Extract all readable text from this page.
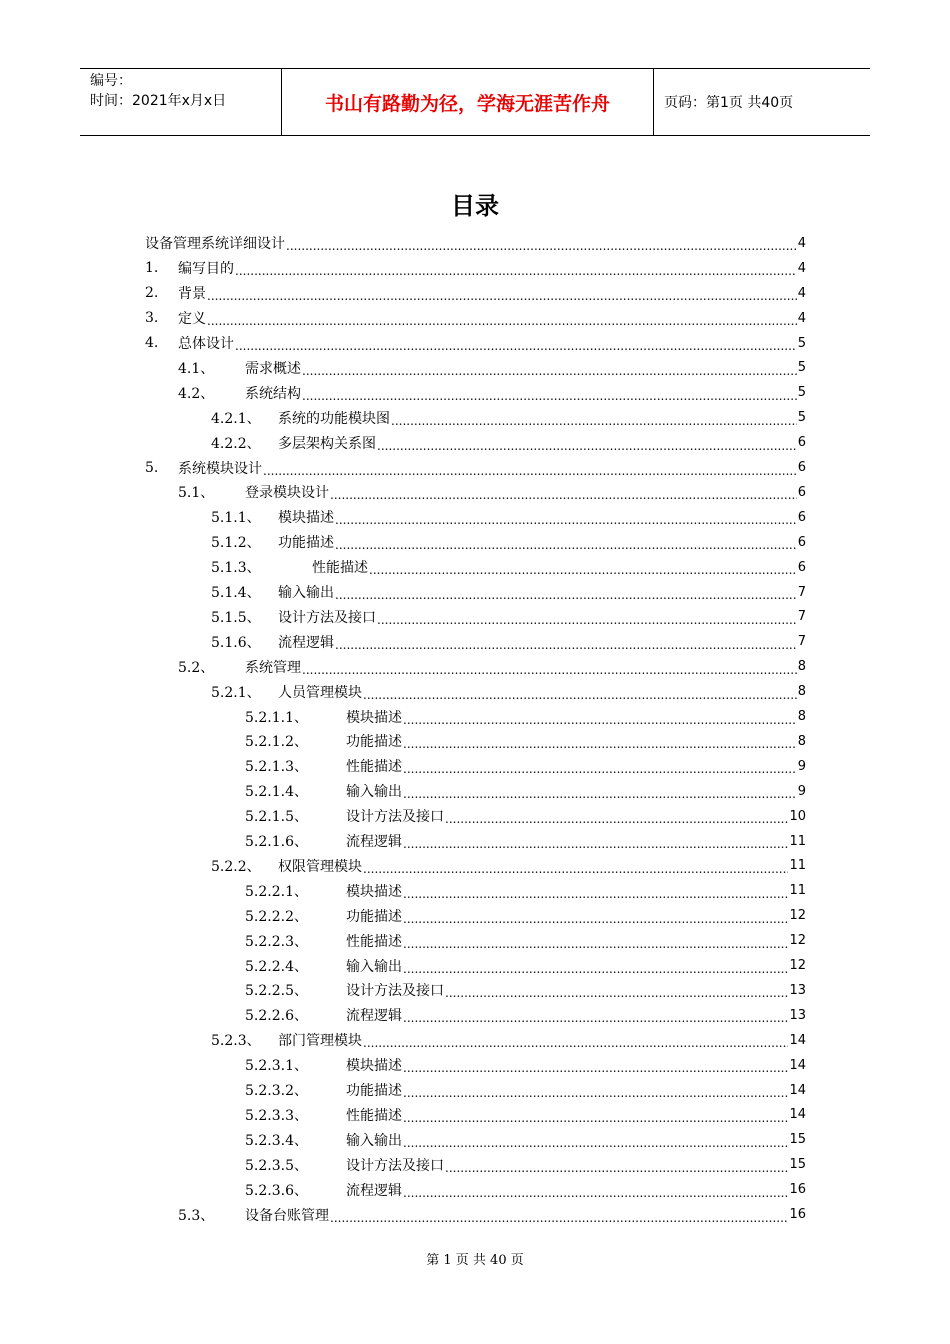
编号：
时间：2021年x月x日	书山有路勤为径，学海无涯苦作舟	页码：第1页 共40页
目录
设备管理系统详细设计 .....	4
1.	编写目的 .....	4
2.	背景 .....	4
3.	定义 .....	4
4.	总体设计 .....	5
4.1、	需求概述 .....	5
4.2、	系统结构 .....	5
4.2.1、	系统的功能模块图 .....	5
4.2.2、	多层架构关系图 .....	6
5.	系统模块设计 .....	6
5.1、	登录模块设计 .....	6
5.1.1、	模块描述 .....	6
5.1.2、	功能描述 .....	6
5.1.3、	性能描述 .....	6
5.1.4、	输入输出 .....	7
5.1.5、	设计方法及接口 .....	7
5.1.6、	流程逻辑 .....	7
5.2、	系统管理 .....	8
5.2.1、	人员管理模块 .....	8
5.2.1.1、	模块描述 .....	8
5.2.1.2、	功能描述 .....	8
5.2.1.3、	性能描述 .....	9
5.2.1.4、	输入输出 .....	9
5.2.1.5、	设计方法及接口 .....	10
5.2.1.6、	流程逻辑 .....	11
5.2.2、	权限管理模块 .....	11
5.2.2.1、	模块描述 .....	11
5.2.2.2、	功能描述 .....	12
5.2.2.3、	性能描述 .....	12
5.2.2.4、	输入输出 .....	12
5.2.2.5、	设计方法及接口 .....	13
5.2.2.6、	流程逻辑 .....	13
5.2.3、	部门管理模块 .....	14
5.2.3.1、	模块描述 .....	14
5.2.3.2、	功能描述 .....	14
5.2.3.3、	性能描述 .....	14
5.2.3.4、	输入输出 .....	15
5.2.3.5、	设计方法及接口 .....	15
5.2.3.6、	流程逻辑 .....	16
5.3、	设备台账管理 .....	16
第 1 页 共 40 页
